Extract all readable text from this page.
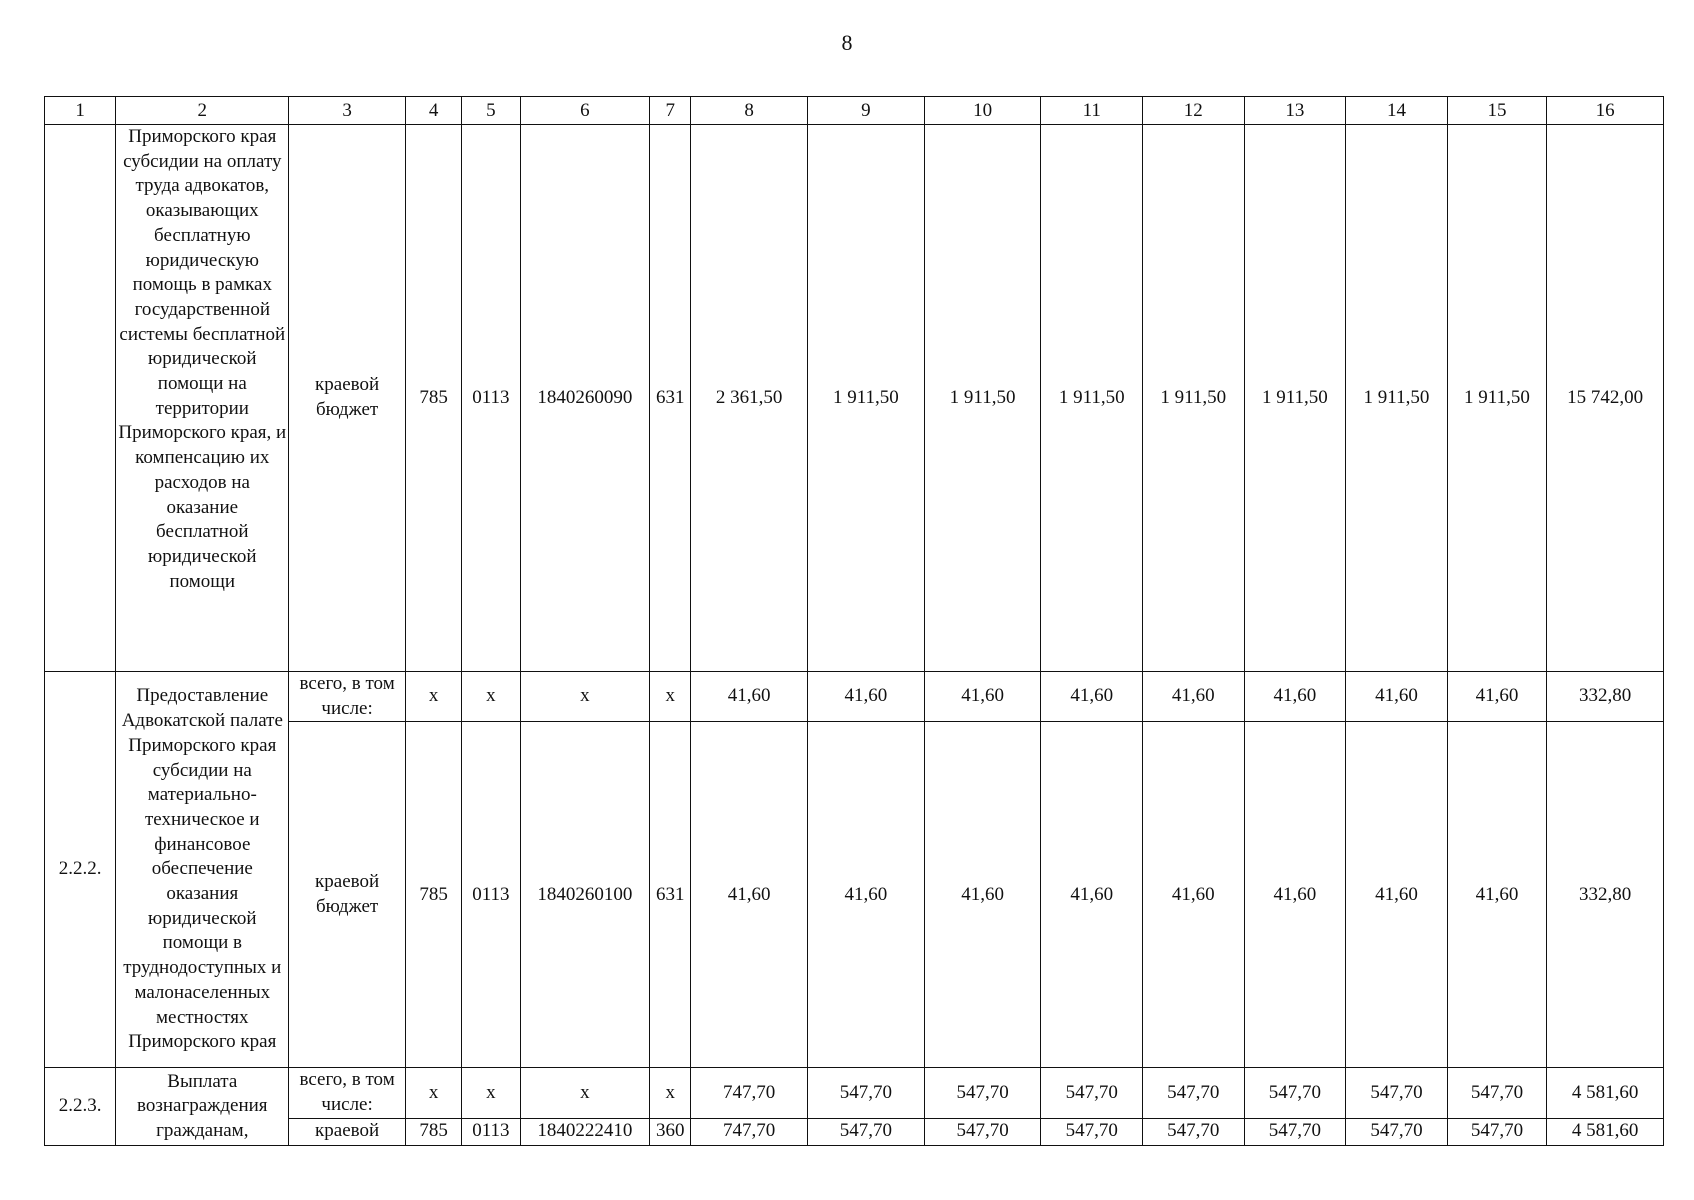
8
1	2	3	4	5	6	7	8	9	10	11	12	13	14	15	16
	Приморского края субсидии на оплату труда адвокатов, оказывающих бесплатную юридическую помощь в рамках государственной системы бесплатной юридической помощи на территории Приморского края, и компенсацию их расходов на оказание бесплатной юридической помощи	краевой бюджет	785	0113	1840260090	631	2 361,50	1 911,50	1 911,50	1 911,50	1 911,50	1 911,50	1 911,50	1 911,50	15 742,00
2.2.2.	Предоставление Адвокатской палате Приморского края субсидии на материально-техническое и финансовое обеспечение оказания юридической помощи в труднодоступных и малонаселенных местностях Приморского края	всего, в том числе:	х	х	х	х	41,60	41,60	41,60	41,60	41,60	41,60	41,60	41,60	332,80
		краевой бюджет	785	0113	1840260100	631	41,60	41,60	41,60	41,60	41,60	41,60	41,60	41,60	332,80
2.2.3.	Выплата вознаграждения гражданам,	всего, в том числе:	х	х	х	х	747,70	547,70	547,70	547,70	547,70	547,70	547,70	547,70	4 581,60
		краевой	785	0113	1840222410	360	747,70	547,70	547,70	547,70	547,70	547,70	547,70	547,70	4 581,60
